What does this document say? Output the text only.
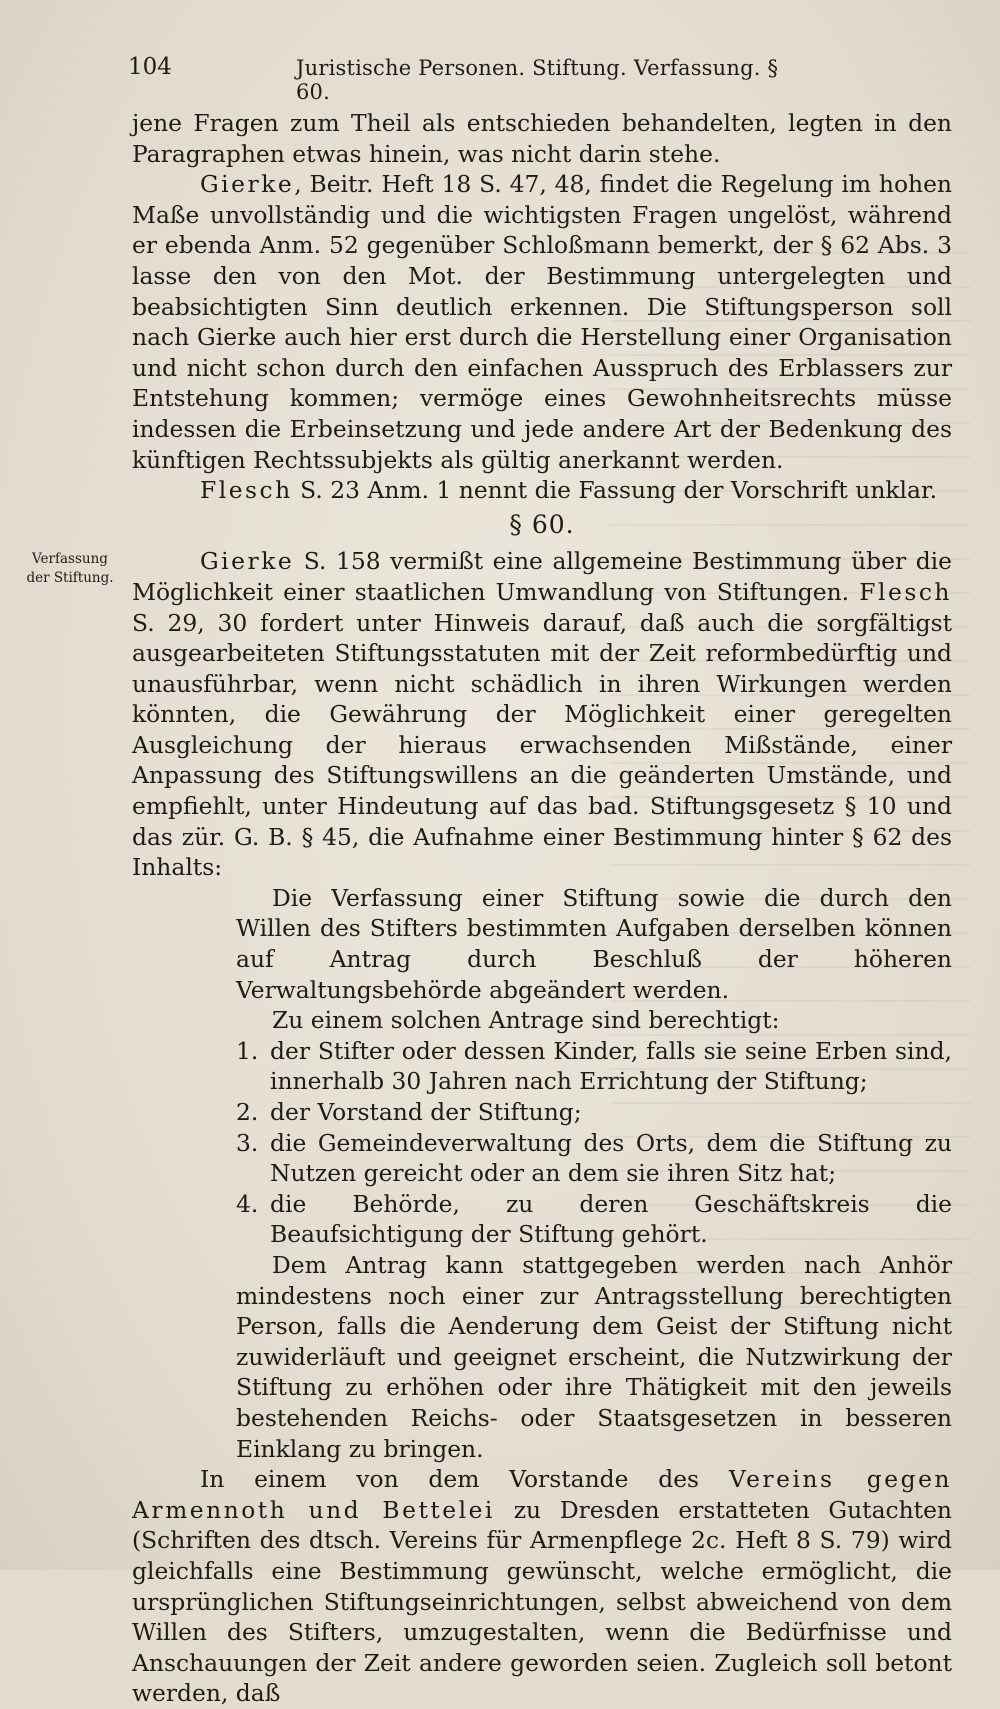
104	Juristische Personen. Stiftung. Verfassung. § 60.
Verfassung
der Stiftung.

jene Fragen zum Theil als entschieden behandelten, legten in den Paragraphen etwas hinein, was nicht darin stehe.

Gierke, Beitr. Heft 18 S. 47, 48, findet die Regelung im hohen Maße unvollständig und die wichtigsten Fragen ungelöst, während er ebenda Anm. 52 gegenüber Schloßmann bemerkt, der § 62 Abs. 3 lasse den von den Mot. der Bestimmung untergelegten und beabsichtigten Sinn deutlich erkennen. Die Stiftungsperson soll nach Gierke auch hier erst durch die Herstellung einer Organisation und nicht schon durch den einfachen Ausspruch des Erblassers zur Entstehung kommen; vermöge eines Gewohnheitsrechts müsse indessen die Erbeinsetzung und jede andere Art der Bedenkung des künftigen Rechtssubjekts als gültig anerkannt werden.

Flesch S. 23 Anm. 1 nennt die Fassung der Vorschrift unklar.

§ 60.

Gierke S. 158 vermißt eine allgemeine Bestimmung über die Möglichkeit einer staatlichen Umwandlung von Stiftungen. Flesch S. 29, 30 fordert unter Hinweis darauf, daß auch die sorgfältigst ausgearbeiteten Stiftungsstatuten mit der Zeit reformbedürftig und unausführbar, wenn nicht schädlich in ihren Wirkungen werden könnten, die Gewährung der Möglichkeit einer geregelten Ausgleichung der hieraus erwachsenden Mißstände, einer Anpassung des Stiftungswillens an die geänderten Umstände, und empfiehlt, unter Hindeutung auf das bad. Stiftungsgesetz § 10 und das zür. G. B. § 45, die Aufnahme einer Bestimmung hinter § 62 des Inhalts:

Die Verfassung einer Stiftung sowie die durch den Willen des Stifters bestimmten Aufgaben derselben können auf Antrag durch Beschluß der höheren Verwaltungsbehörde abgeändert werden.

Zu einem solchen Antrage sind berechtigt:

1. der Stifter oder dessen Kinder, falls sie seine Erben sind, innerhalb 30 Jahren nach Errichtung der Stiftung;
2. der Vorstand der Stiftung;
3. die Gemeindeverwaltung des Orts, dem die Stiftung zu Nutzen gereicht oder an dem sie ihren Sitz hat;
4. die Behörde, zu deren Geschäftskreis die Beaufsichtigung der Stiftung gehört.

Dem Antrag kann stattgegeben werden nach Anhör mindestens noch einer zur Antragsstellung berechtigten Person, falls die Aenderung dem Geist der Stiftung nicht zuwiderläuft und geeignet erscheint, die Nutzwirkung der Stiftung zu erhöhen oder ihre Thätigkeit mit den jeweils bestehenden Reichs- oder Staatsgesetzen in besseren Einklang zu bringen.

In einem von dem Vorstande des Vereins gegen Armennoth und Bettelei zu Dresden erstatteten Gutachten (Schriften des dtsch. Vereins für Armenpflege 2c. Heft 8 S. 79) wird gleichfalls eine Bestimmung gewünscht, welche ermöglicht, die ursprünglichen Stiftungseinrichtungen, selbst abweichend von dem Willen des Stifters, umzugestalten, wenn die Bedürfnisse und Anschauungen der Zeit andere geworden seien. Zugleich soll betont werden, daß
